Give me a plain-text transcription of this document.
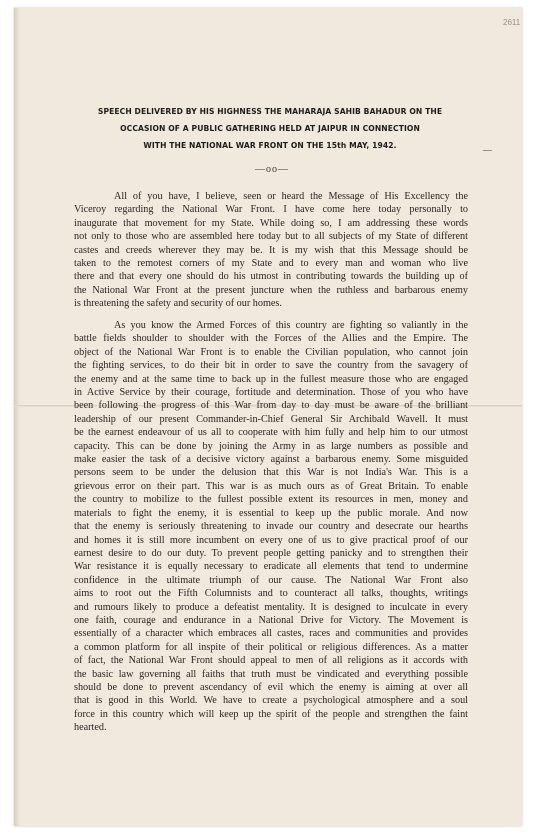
2611
—
SPEECH DELIVERED BY HIS HIGHNESS THE MAHARAJA SAHIB BAHADUR ON THE
OCCASION OF A PUBLIC GATHERING HELD AT JAIPUR IN CONNECTION
WITH THE NATIONAL WAR FRONT ON THE 15th MAY, 1942.
—oo—
All of you have, I believe, seen or heard the Message of His Excellency the
Viceroy regarding the National War Front. I have come here today personally to
inaugurate that movement for my State. While doing so, I am addressing these words
not only to those who are assembled here today but to all subjects of my State of different
castes and creeds wherever they may be. It is my wish that this Message should be
taken to the remotest corners of my State and to every man and woman who live
there and that every one should do his utmost in contributing towards the building up of
the National War Front at the present juncture when the ruthless and barbarous enemy
is threatening the safety and security of our homes.
As you know the Armed Forces of this country are fighting so valiantly in the
battle fields shoulder to shoulder with the Forces of the Allies and the Empire. The
object of the National War Front is to enable the Civilian population, who cannot join
the fighting services, to do their bit in order to save the country from the savagery of
the enemy and at the same time to back up in the fullest measure those who are engaged
in Active Service by their courage, fortitude and determination. Those of you who have
been following the progress of this War from day to day must be aware of the brilliant
leadership of our present Commander-in-Chief General Sir Archibald Wavell. It must
be the earnest endeavour of us all to cooperate with him fully and help him to our utmost
capacity. This can be done by joining the Army in as large numbers as possible and
make easier the task of a decisive victory against a barbarous enemy. Some misguided
persons seem to be under the delusion that this War is not India's War. This is a
grievous error on their part. This war is as much ours as of Great Britain. To enable
the country to mobilize to the fullest possible extent its resources in men, money and
materials to fight the enemy, it is essential to keep up the public morale. And now
that the enemy is seriously threatening to invade our country and desecrate our hearths
and homes it is still more incumbent on every one of us to give practical proof of our
earnest desire to do our duty. To prevent people getting panicky and to strengthen their
War resistance it is equally necessary to eradicate all elements that tend to undermine
confidence in the ultimate triumph of our cause. The National War Front also
aims to root out the Fifth Columnists and to counteract all talks, thoughts, writings
and rumours likely to produce a defeatist mentality. It is designed to inculcate in every
one faith, courage and endurance in a National Drive for Victory. The Movement is
essentially of a character which embraces all castes, races and communities and provides
a common platform for all inspite of their political or religious differences. As a matter
of fact, the National War Front should appeal to men of all religions as it accords with
the basic law governing all faiths that truth must be vindicated and everything possible
should be done to prevent ascendancy of evil which the enemy is aiming at over all
that is good in this World. We have to create a psychological atmosphere and a soul
force in this country which will keep up the spirit of the people and strengthen the faint
hearted.
